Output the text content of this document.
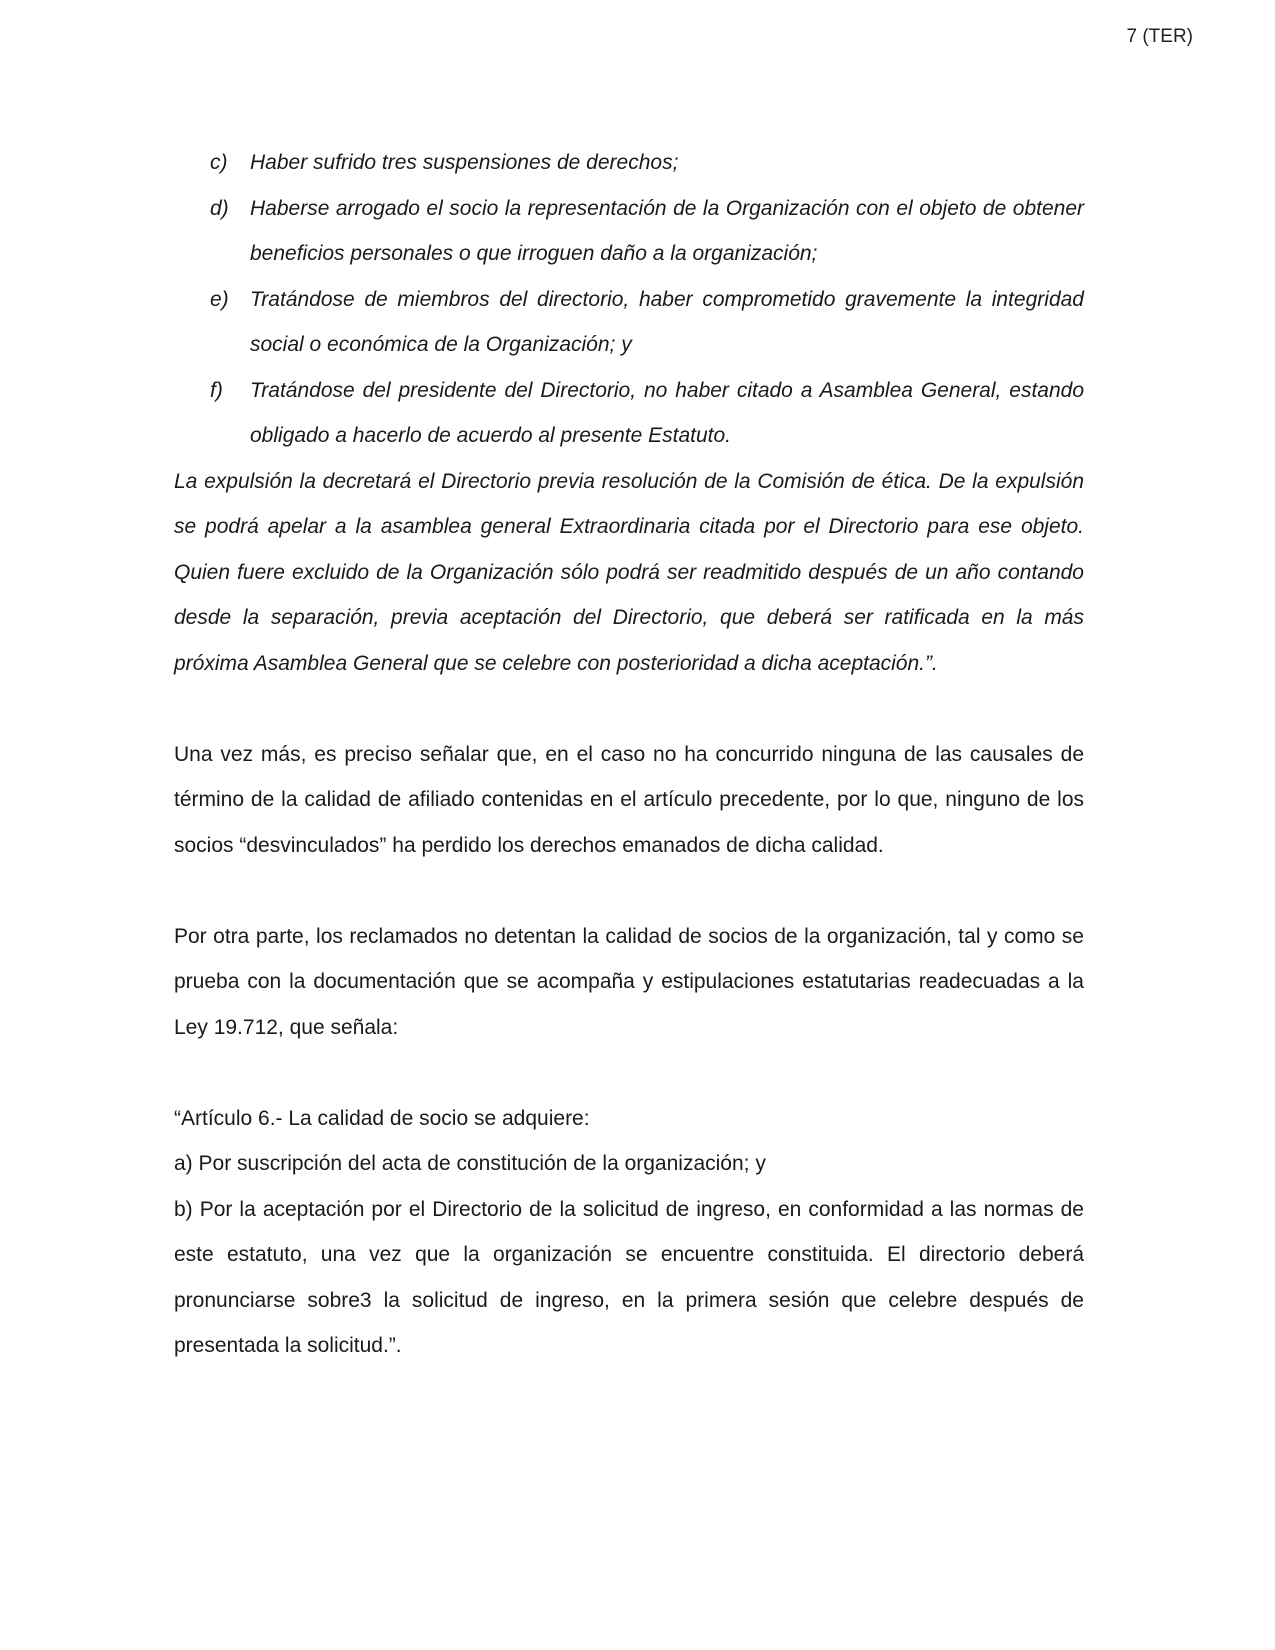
7 (TER)
c)	Haber sufrido tres suspensiones de derechos;
d)	Haberse arrogado el socio la representación de la Organización con el objeto de obtener beneficios personales o que irroguen daño a la organización;
e)	Tratándose de miembros del directorio, haber comprometido gravemente la integridad social o económica de la Organización; y
f)	Tratándose del presidente del Directorio, no haber citado a Asamblea General, estando obligado a hacerlo de acuerdo al presente Estatuto.

La expulsión la decretará el Directorio previa resolución de la Comisión de ética. De la expulsión se podrá apelar a la asamblea general Extraordinaria citada por el Directorio para ese objeto. Quien fuere excluido de la Organización sólo podrá ser readmitido después de un año contando desde la separación, previa aceptación del Directorio, que deberá ser ratificada en la más próxima Asamblea General que se celebre con posterioridad a dicha aceptación.”.

Una vez más, es preciso señalar que, en el caso no ha concurrido ninguna de las causales de término de la calidad de afiliado contenidas en el artículo precedente, por lo que, ninguno de los socios “desvinculados” ha perdido los derechos emanados de dicha calidad.

Por otra parte, los reclamados no detentan la calidad de socios de la organización, tal y como se prueba con la documentación que se acompaña y estipulaciones estatutarias readecuadas a la Ley 19.712, que señala:

“Artículo 6.- La calidad de socio se adquiere:

a) Por suscripción del acta de constitución de la organización; y

b) Por la aceptación por el Directorio de la solicitud de ingreso, en conformidad a las normas de este estatuto, una vez que la organización se encuentre constituida. El directorio deberá pronunciarse sobre3 la solicitud de ingreso, en la primera sesión que celebre después de presentada la solicitud.”.
